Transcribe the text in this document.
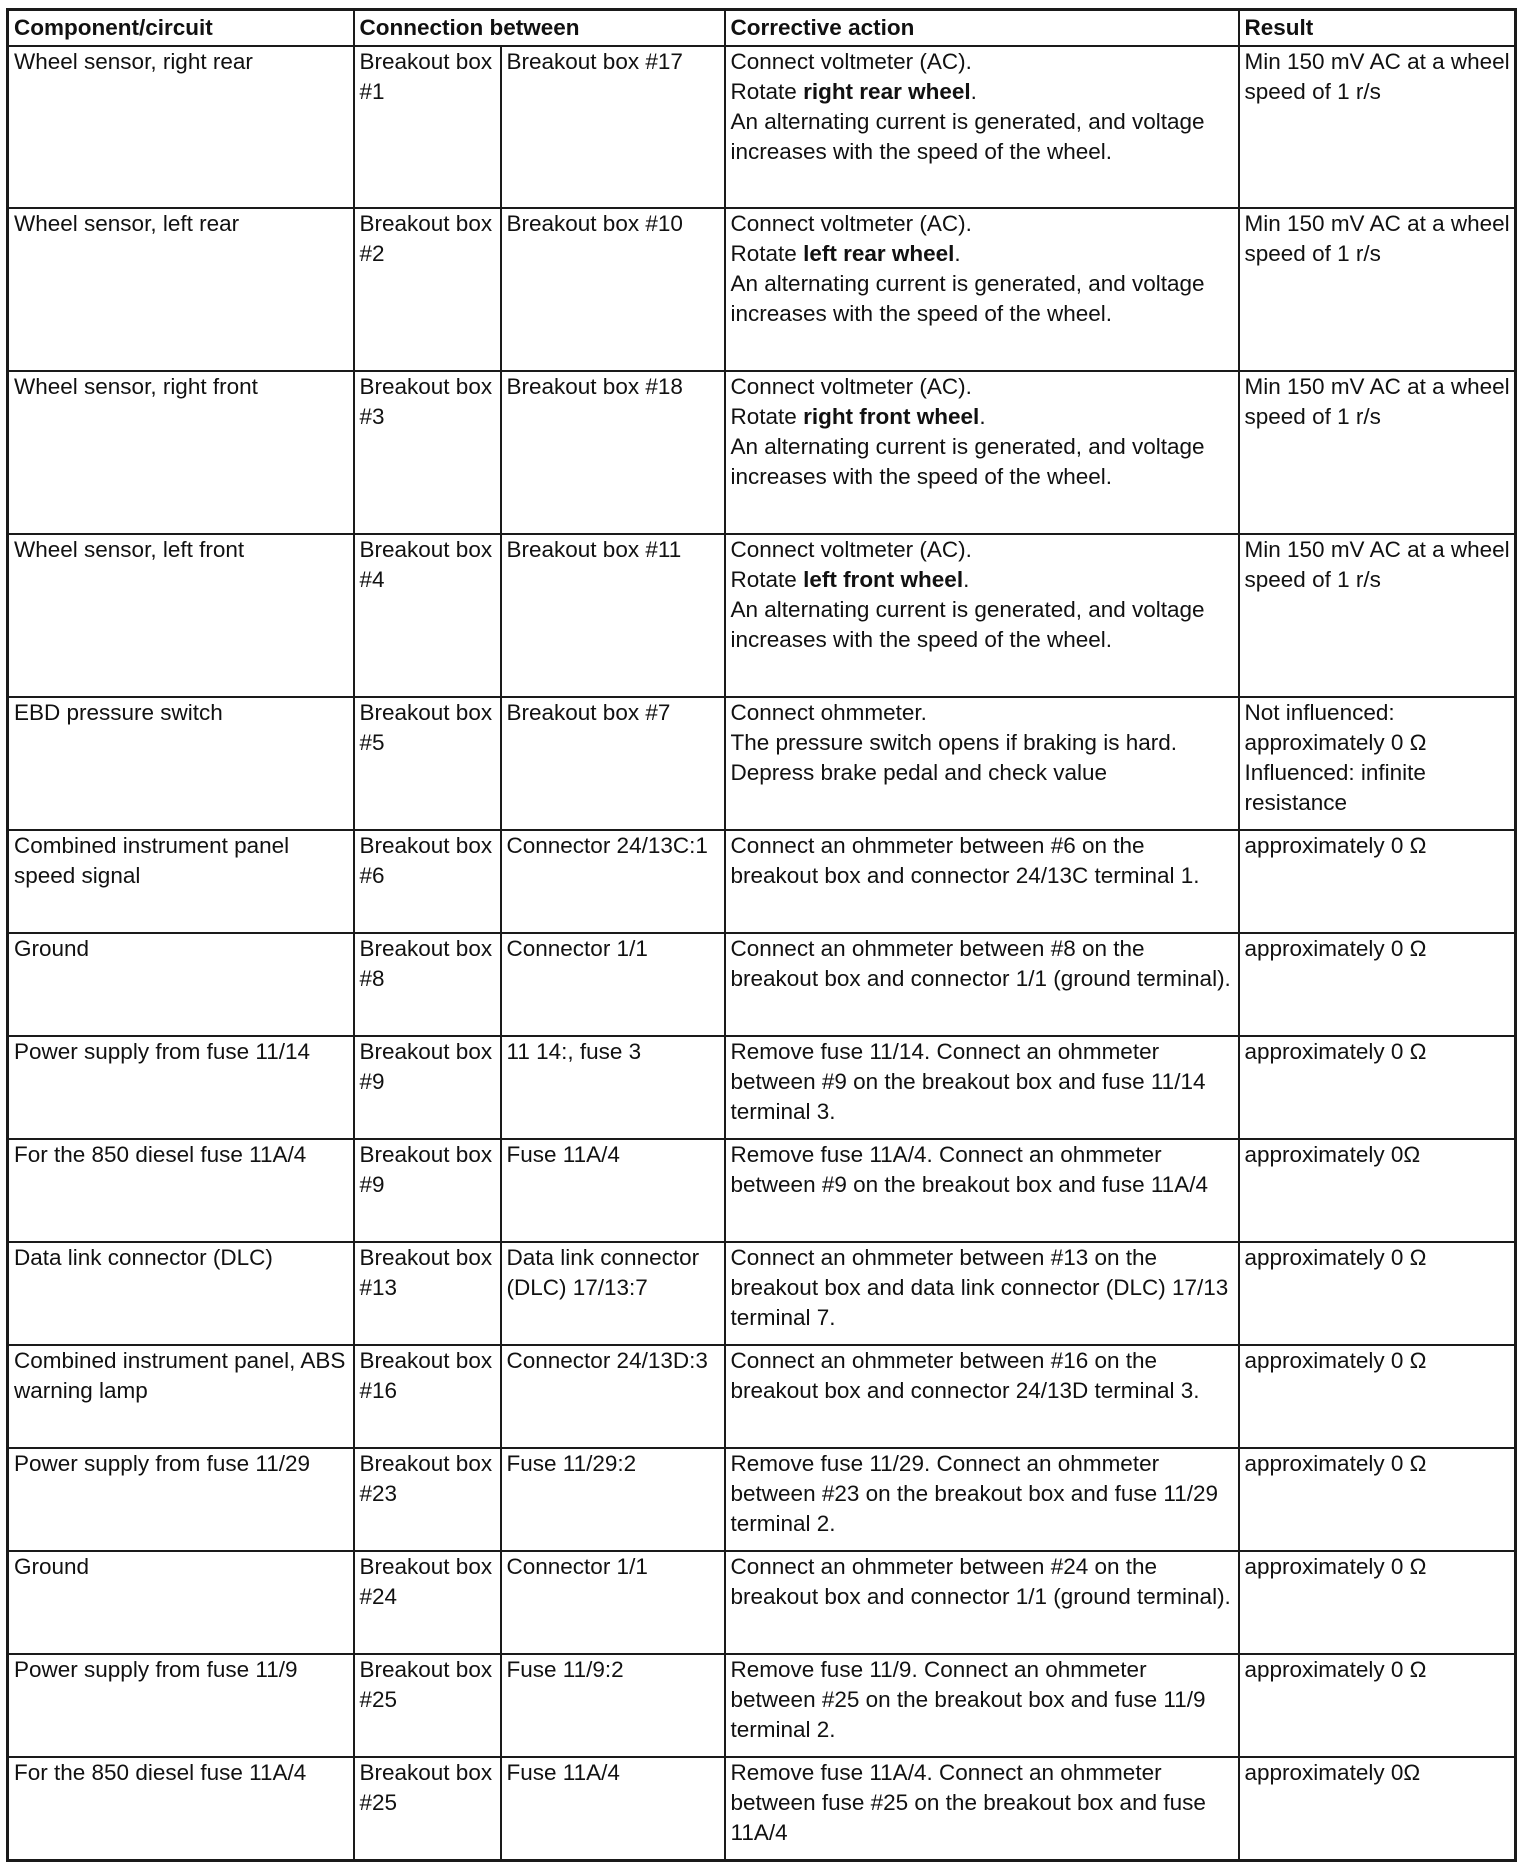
Component/circuit	Connection between		Corrective action	Result
Wheel sensor, right rear	Breakout box #1	Breakout box #17	Connect voltmeter (AC).
Rotate right rear wheel.
An alternating current is generated, and voltage increases with the speed of the wheel.	Min 150 mV AC at a wheel speed of 1 r/s
Wheel sensor, left rear	Breakout box #2	Breakout box #10	Connect voltmeter (AC).
Rotate left rear wheel.
An alternating current is generated, and voltage increases with the speed of the wheel.	Min 150 mV AC at a wheel speed of 1 r/s
Wheel sensor, right front	Breakout box #3	Breakout box #18	Connect voltmeter (AC).
Rotate right front wheel.
An alternating current is generated, and voltage increases with the speed of the wheel.	Min 150 mV AC at a wheel speed of 1 r/s
Wheel sensor, left front	Breakout box #4	Breakout box #11	Connect voltmeter (AC).
Rotate left front wheel.
An alternating current is generated, and voltage increases with the speed of the wheel.	Min 150 mV AC at a wheel speed of 1 r/s
EBD pressure switch	Breakout box #5	Breakout box #7	Connect ohmmeter.
The pressure switch opens if braking is hard.
Depress brake pedal and check value	Not influenced:
approximately 0 Ω
Influenced: infinite resistance

Combined instrument panel speed signal	Breakout box #6	Connector 24/13C:1	Connect an ohmmeter between #6 on the breakout box and connector 24/13C terminal 1.	approximately 0 Ω
Ground	Breakout box #8	Connector 1/1	Connect an ohmmeter between #8 on the breakout box and connector 1/1 (ground terminal).	approximately 0 Ω
Power supply from fuse 11/14	Breakout box #9	11 14:, fuse 3	Remove fuse 11/14. Connect an ohmmeter between #9 on the breakout box and fuse 11/14 terminal 3.	approximately 0 Ω
For the 850 diesel fuse 11A/4	Breakout box #9	Fuse 11A/4	Remove fuse 11A/4. Connect an ohmmeter between #9 on the breakout box and fuse 11A/4	approximately 0Ω
Data link connector (DLC)	Breakout box #13	Data link connector (DLC) 17/13:7	Connect an ohmmeter between #13 on the breakout box and data link connector (DLC) 17/13 terminal 7.	approximately 0 Ω
Combined instrument panel, ABS warning lamp	Breakout box #16	Connector 24/13D:3	Connect an ohmmeter between #16 on the breakout box and connector 24/13D terminal 3.	approximately 0 Ω
Power supply from fuse 11/29	Breakout box #23	Fuse 11/29:2	Remove fuse 11/29. Connect an ohmmeter between #23 on the breakout box and fuse 11/29 terminal 2.	approximately 0 Ω
Ground	Breakout box #24	Connector 1/1	Connect an ohmmeter between #24 on the breakout box and connector 1/1 (ground terminal).	approximately 0 Ω
Power supply from fuse 11/9	Breakout box #25	Fuse 11/9:2	Remove fuse 11/9. Connect an ohmmeter between #25 on the breakout box and fuse 11/9 terminal 2.	approximately 0 Ω
For the 850 diesel fuse 11A/4	Breakout box #25	Fuse 11A/4	Remove fuse 11A/4. Connect an ohmmeter between fuse #25 on the breakout box and fuse 11A/4	approximately 0Ω
